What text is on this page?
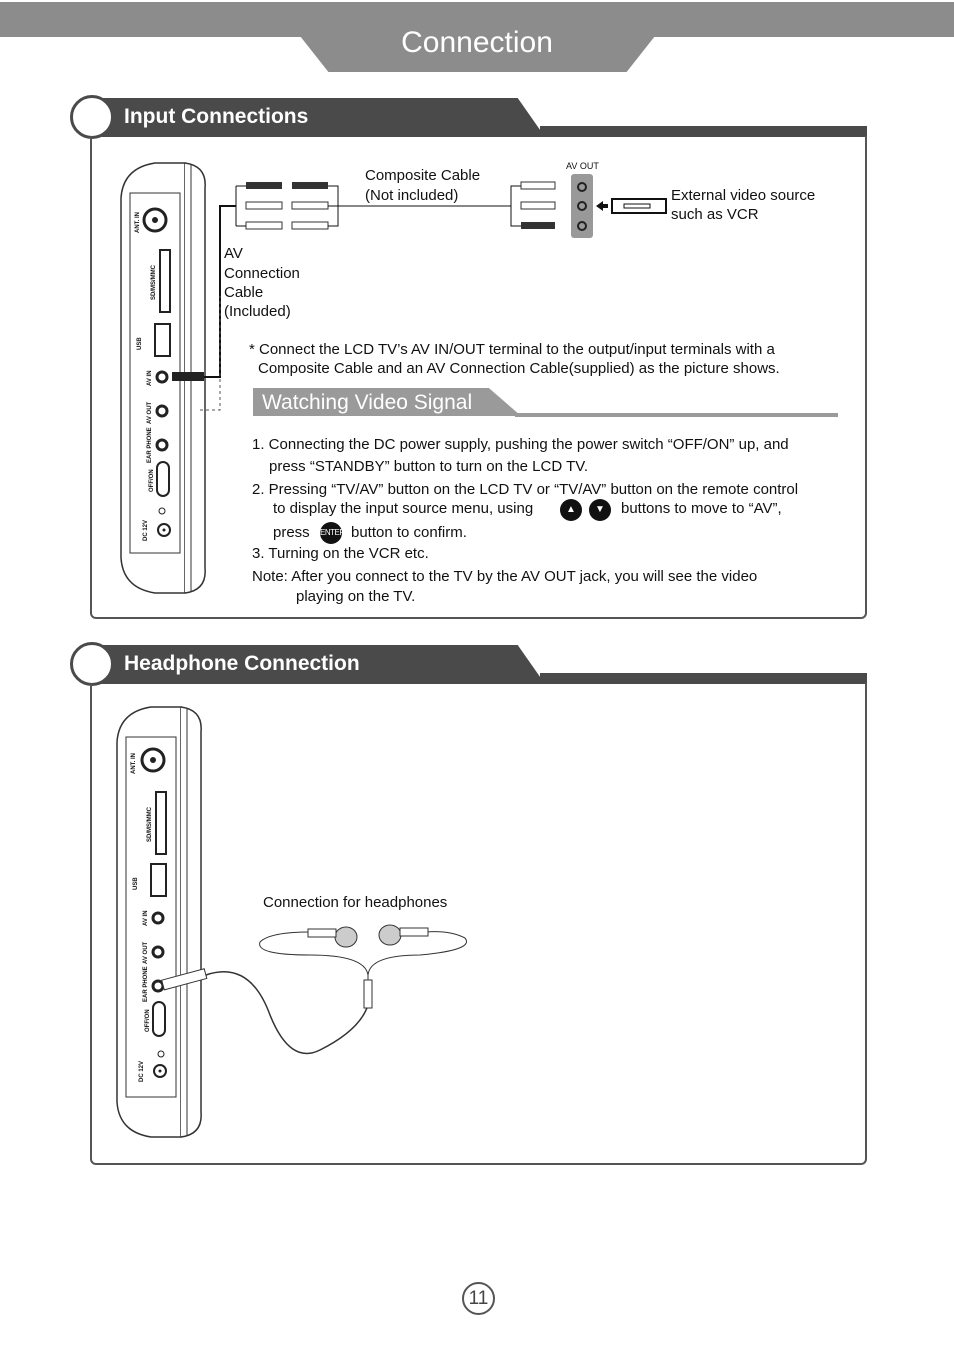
Connection
Input Connections
ANT. IN
SD/MS/MMC
USB
AV IN
AV OUT
EAR PHONE
OFF/ON
DC 12V
AV OUT
Composite Cable
(Not included)	External video source
such as VCR
AV
Connection
Cable
(Included)
* Connect the LCD TV’s AV IN/OUT terminal to the output/input terminals with a
Composite Cable and an AV Connection Cable(supplied) as the picture shows.
Watching Video Signal
1. Connecting the DC power supply, pushing the power switch “OFF/ON” up, and
press “STANDBY” button to turn on the LCD TV.
2. Pressing “TV/AV” button on the LCD TV or “TV/AV” button on the remote control
to display the input source menu, using	▲	▼	buttons to move to “AV”,
press ENTER button to confirm.
3. Turning on the VCR etc.
Note: After you connect to the TV by the AV OUT jack, you will see the video
playing on the TV.
Headphone Connection
ANT. IN
SD/MS/MMC
USB
AV IN
AV OUT
EAR PHONE
OFF/ON
DC 12V
Connection for headphones
11
